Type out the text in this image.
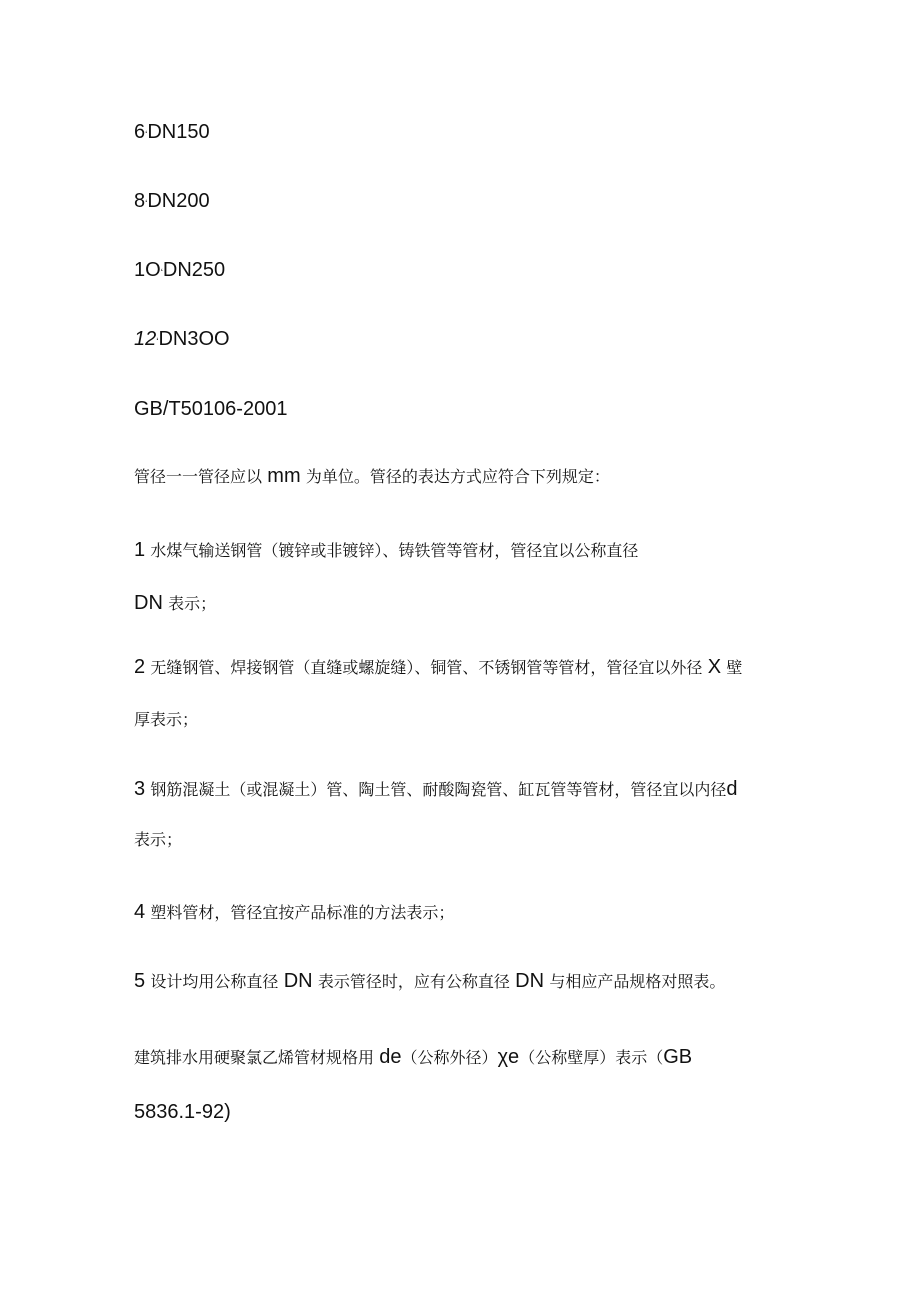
6ʻDN150
8ʻDN200
1OʻDN250
12ʻDN3OO
GB/T50106-2001
管径一一管径应以 mm 为单位。管径的表达方式应符合下列规定：
1 水煤气输送钢管（镀锌或非镀锌）、铸铁管等管材，管径宜以公称直径
DN 表示；
2 无缝钢管、焊接钢管（直缝或螺旋缝）、铜管、不锈钢管等管材，管径宜以外径 X 壁
厚表示；
3 钢筋混凝土（或混凝土）管、陶土管、耐酸陶瓷管、缸瓦管等管材，管径宜以内径d
表示；
4 塑料管材，管径宜按产品标准的方法表示；
5 设计均用公称直径 DN 表示管径时，应有公称直径 DN 与相应产品规格对照表。
建筑排水用硬聚氯乙烯管材规格用 de（公称外径）χe（公称壁厚）表示（GB
5836.1-92)
